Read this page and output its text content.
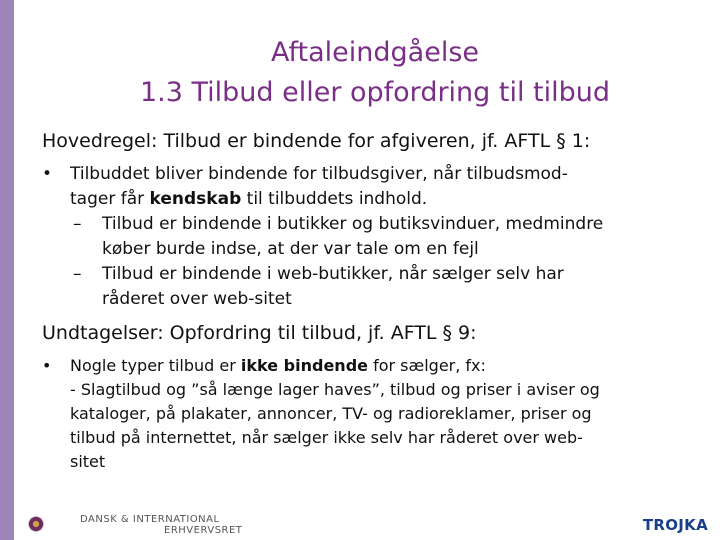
Aftaleindgåelse
1.3 Tilbud eller opfordring til tilbud
Hovedregel: Tilbud er bindende for afgiveren, jf. AFTL § 1:
• Tilbuddet bliver bindende for tilbudsgiver, når tilbudsmod-
tager får kendskab til tilbuddets indhold.
– Tilbud er bindende i butikker og butiksvinduer, medmindre
køber burde indse, at der var tale om en fejl
– Tilbud er bindende i web-butikker, når sælger selv har
råderet over web-sitet
Undtagelser: Opfordring til tilbud, jf. AFTL § 9:
• Nogle typer tilbud er ikke bindende for sælger, fx:
- Slagtilbud og ”så længe lager haves”, tilbud og priser i aviser og
kataloger, på plakater, annoncer, TV- og radioreklamer, priser og
tilbud på internettet, når sælger ikke selv har råderet over web-
sitet
DANSK & INTERNATIONAL
ERHVERVSRET	TROJKA
